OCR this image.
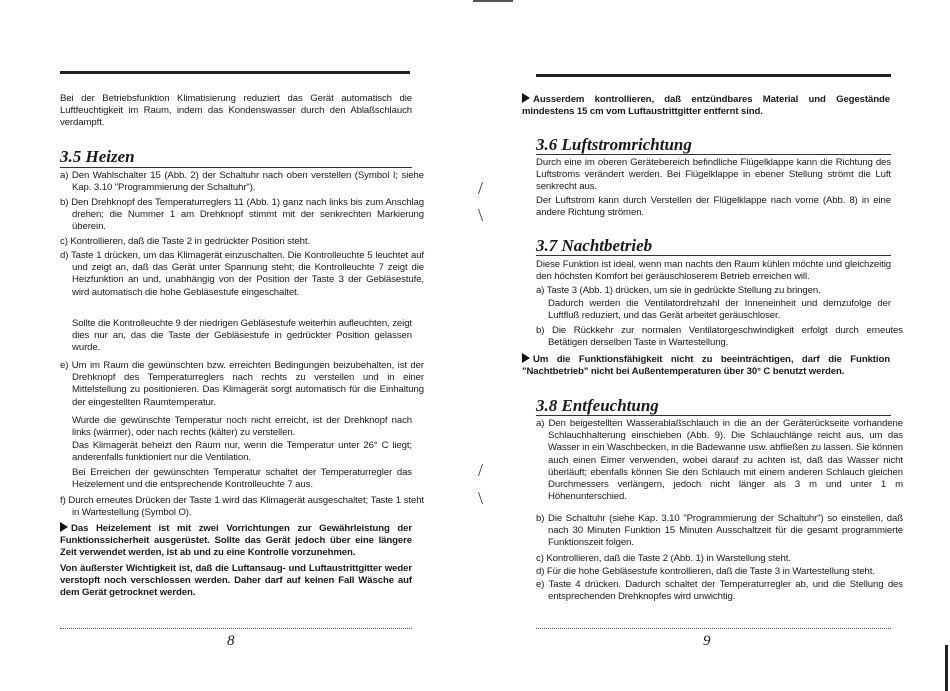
Bei der Betriebsfunktion Klimatisierung reduziert das Gerät automatisch die Luftfeuchtigkeit im Raum, indem das Kondenswasser durch den Ablaßschlauch verdampft.
3.5 Heizen
a) Den Wahlschalter 15 (Abb. 2) der Schaltuhr nach oben verstellen (Symbol I; siehe Kap. 3.10 "Programmierung der Schaltuhr").
b) Den Drehknopf des Temperaturreglers 11 (Abb. 1) ganz nach links bis zum Anschlag drehen; die Nummer 1 am Drehknopf stimmt mit der senkrechten Markierung überein.
c) Kontrollieren, daß die Taste 2 in gedrückter Position steht.
d) Taste 1 drücken, um das Klimagerät einzuschalten. Die Kontrolleuchte 5 leuchtet auf und zeigt an, daß das Gerät unter Spannung steht; die Kontrolleuchte 7 zeigt die Heizfunktion an und, unabhängig von der Position der Taste 3 der Gebläsestufe, wird automatisch die hohe Gebläsestufe eingeschaltet.
Sollte die Kontrolleuchte 9 der niedrigen Gebläsestufe weiterhin aufleuchten, zeigt dies nur an, das die Taste der Gebläsestufe in gedrückter Position gelassen wurde.
e) Um im Raum die gewünschten bzw. erreichten Bedingungen beizubehalten, ist der Drehknopf des Temperaturreglers nach rechts zu verstellen und in einer Mittelstellung zu positionieren. Das Klimagerät sorgt automatisch für die Einhaltung der eingestellten Raumtemperatur.
Wurde die gewünschte Temperatur noch nicht erreicht, ist der Drehknopf nach links (wärmer), oder nach rechts (kälter) zu verstellen.
Das Klimagerät beheizt den Raum nur, wenn die Temperatur unter 26° C liegt; anderenfalls funktioniert nur die Ventilation.
Bei Erreichen der gewünschten Temperatur schaltet der Temperaturregler das Heizelement und die entsprechende Kontrolleuchte 7 aus.
f) Durch erneutes Drücken der Taste 1 wird das Klimagerät ausgeschaltet; Taste 1 steht in Wartestellung (Symbol O).
Das Heizelement ist mit zwei Vorrichtungen zur Gewährleistung der Funktionssicherheit ausgerüstet. Sollte das Gerät jedoch über eine längere Zeit verwendet werden, ist ab und zu eine Kontrolle vorzunehmen.
Von äußerster Wichtigkeit ist, daß die Luftansaug- und Luftaustrittgitter weder verstopft noch verschlossen werden. Daher darf auf keinen Fall Wäsche auf dem Gerät getrocknet werden.
8
/
\
/
\
Ausserdem kontrollieren, daß entzündbares Material und Gegestände mindestens 15 cm vom Luftaustrittgitter entfernt sind.
3.6 Luftstromrichtung
Durch eine im oberen Gerätebereich befindliche Flügelklappe kann die Richtung des Luftstroms verändert werden. Bei Flügelklappe in ebener Stellung strömt die Luft senkrecht aus.
Der Luftstrom kann durch Verstellen der Flügelklappe nach vorne (Abb. 8) in eine andere Richtung strömen.
3.7 Nachtbetrieb
Diese Funktion ist ideal, wenn man nachts den Raum kühlen möchte und gleichzeitig den höchsten Komfort bei geräuschloserem Betrieb erreichen will.
a) Taste 3 (Abb. 1) drücken, um sie in gedrückte Stellung zu bringen.
Dadurch werden die Ventilatordrehzahl der Inneneinheit und demzufolge der Luftfluß reduziert, und das Gerät arbeitet geräuschloser.
b) Die Rückkehr zur normalen Ventilatorgeschwindigkeit erfolgt durch erneutes Betätigen derselben Taste in Wartestellung.
Um die Funktionsfähigkeit nicht zu beeinträchtigen, darf die Funktion "Nachtbetrieb" nicht bei Außentemperaturen über 30° C benutzt werden.
3.8 Entfeuchtung
a) Den beigestellten Wasserablaßschlauch in die an der Geräterückseite vorhandene Schlauchhalterung einschieben (Abb. 9). Die Schlauchlänge reicht aus, um das Wasser in ein Waschbecken, in die Badewanne usw. abfließen zu lassen. Sie können auch einen Eimer verwenden, wobei darauf zu achten ist, daß das Wasser nicht überläuft; ebenfalls können Sie den Schlauch mit einem anderen Schlauch gleichen Durchmessers verlängern, jedoch nicht länger als 3 m und unter 1 m Höhenunterschied.
b) Die Schaltuhr (siehe Kap. 3.10 "Programmierung der Schaltuhr") so einstellen, daß nach 30 Minuten Funktion 15 Minuten Ausschaltzeit für die gesamt programmierte Funktionszeit folgen.
c) Kontrollieren, daß die Taste 2 (Abb. 1) in Warstellung steht.
d) Für die hohe Gebläsestufe kontrollieren, daß die Taste 3 in Wartestellung steht.
e) Taste 4 drücken. Dadurch schaltet der Temperaturregler ab, und die Stellung des entsprechenden Drehknopfes wird unwichtig.
9
